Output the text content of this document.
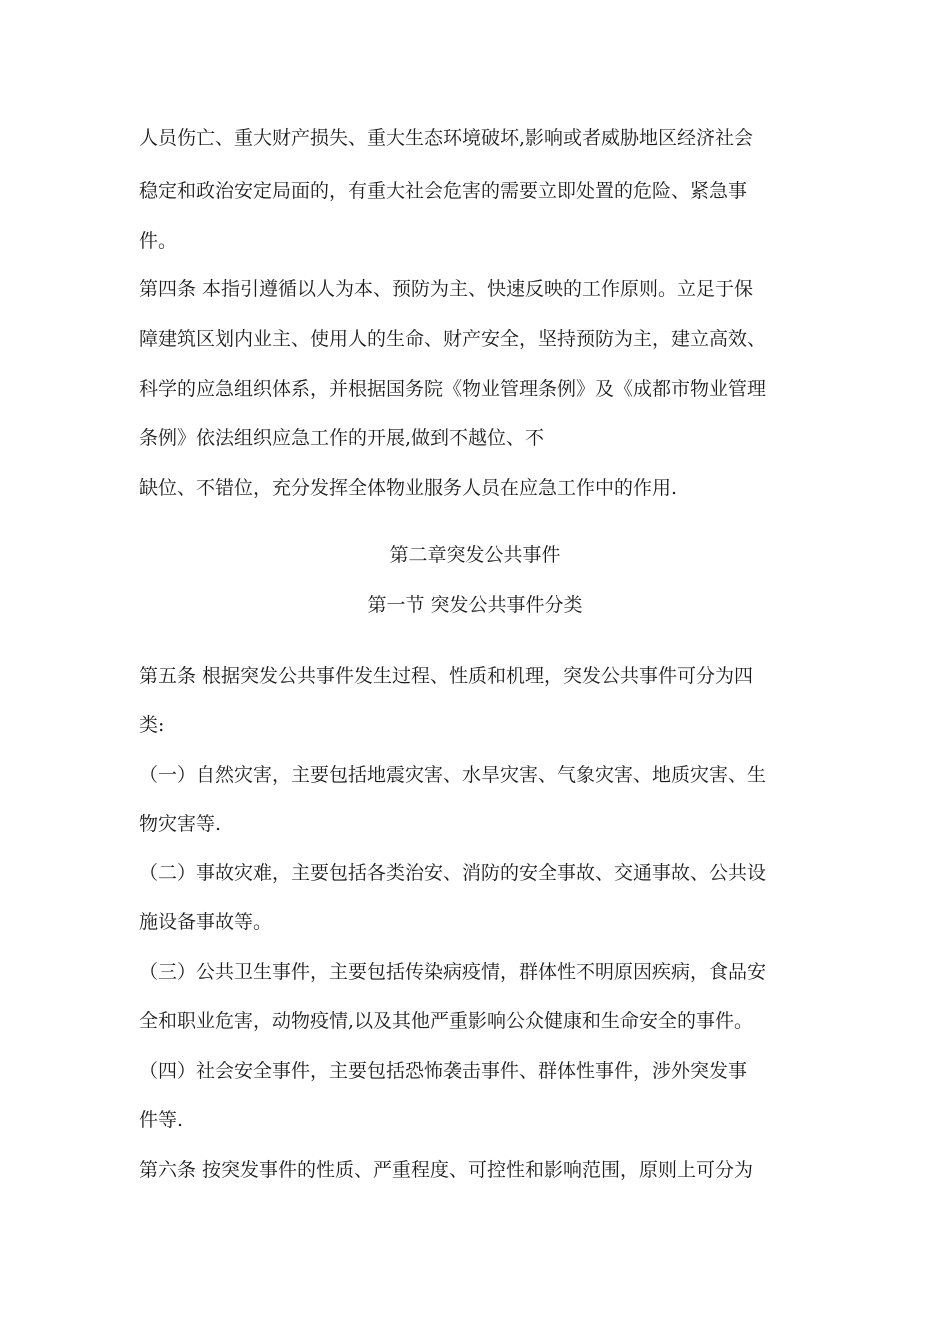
人员伤亡、重大财产损失、重大生态环境破坏,影响或者威胁地区经济社会
稳定和政治安定局面的，有重大社会危害的需要立即处置的危险、紧急事
件。
第四条 本指引遵循以人为本、预防为主、快速反映的工作原则。立足于保
障建筑区划内业主、使用人的生命、财产安全，坚持预防为主，建立高效、
科学的应急组织体系，并根据国务院《物业管理条例》及《成都市物业管理
条例》依法组织应急工作的开展,做到不越位、不
缺位、不错位，充分发挥全体物业服务人员在应急工作中的作用.
第二章突发公共事件
第一节 突发公共事件分类
第五条 根据突发公共事件发生过程、性质和机理，突发公共事件可分为四
类:
（一）自然灾害，主要包括地震灾害、水旱灾害、气象灾害、地质灾害、生
物灾害等.
（二）事故灾难，主要包括各类治安、消防的安全事故、交通事故、公共设
施设备事故等。
（三）公共卫生事件，主要包括传染病疫情，群体性不明原因疾病，食品安
全和职业危害，动物疫情,以及其他严重影响公众健康和生命安全的事件。
（四）社会安全事件，主要包括恐怖袭击事件、群体性事件，涉外突发事
件等.
第六条 按突发事件的性质、严重程度、可控性和影响范围，原则上可分为
